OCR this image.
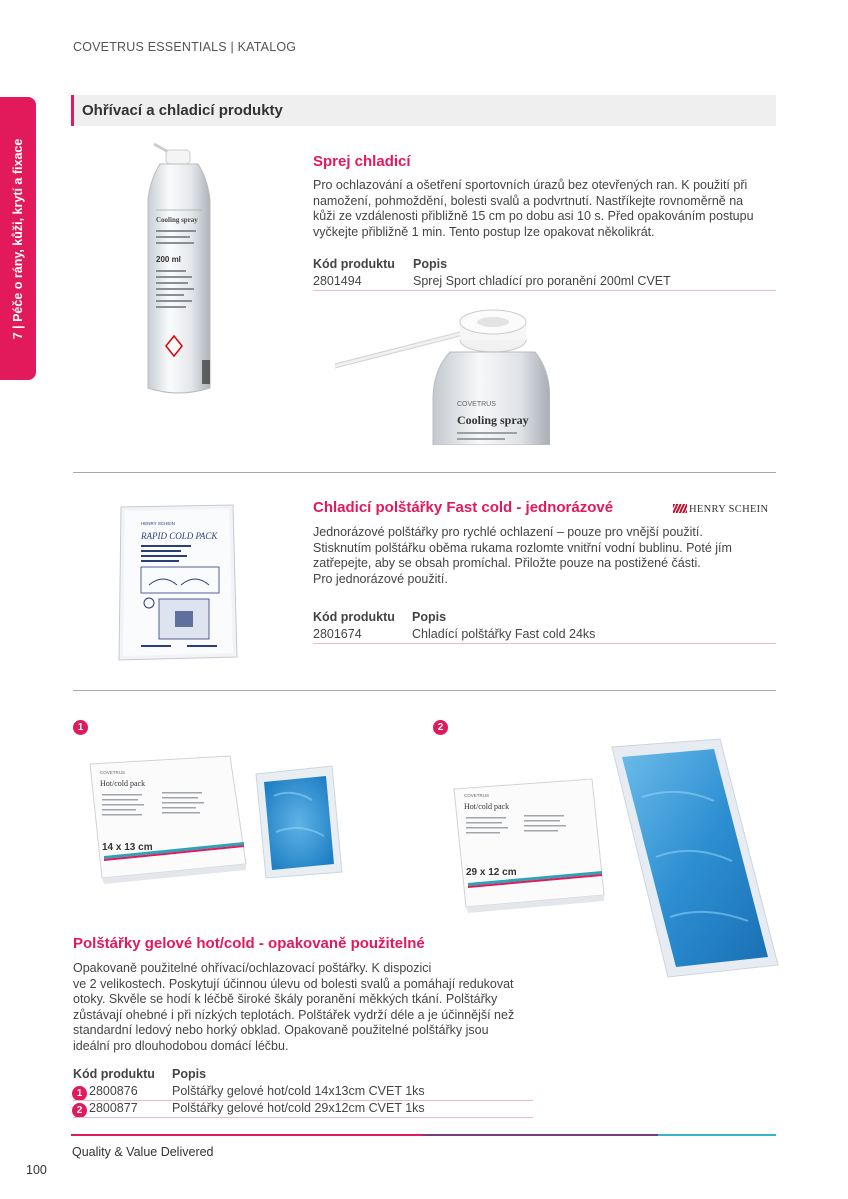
COVETRUS ESSENTIALS | KATALOG
7 | Péče o rány, kůži, krytí a fixace
Ohřívací a chladicí produkty
Cooling spray
200 ml
Sprej chladicí
Pro ochlazování a ošetření sportovních úrazů bez otevřených ran. K použití při
namožení, pohmoždění, bolesti svalů a podvrtnutí. Nastříkejte rovnoměrně na
kůži ze vzdálenosti přibližně 15 cm po dobu asi 10 s. Před opakováním postupu
vyčkejte přibližně 1 min. Tento postup lze opakovat několikrát.
Kód produktu Popis
2801494	Sprej Sport chladící pro poranění 200ml CVET
COVETRUS
Cooling spray
HENRY SCHEIN
RAPID COLD PACK
Chladicí polštářky Fast cold - jednorázové	HENRY SCHEIN
Jednorázové polštářky pro rychlé ochlazení – pouze pro vnější použití.
Stisknutím polštářku oběma rukama rozlomte vnitřní vodní bublinu. Poté jím
zatřepejte, aby se obsah promíchal. Přiložte pouze na postižené části.
Pro jednorázové použití.
Kód produktu Popis
2801674	Chladící polštářky Fast cold 24ks
1	2
COVETRUS
Hot/cold pack
14 x 13 cm
COVETRUS
Hot/cold pack
29 x 12 cm
Polštářky gelové hot/cold - opakovaně použitelné
Opakovaně použitelné ohřívací/ochlazovací poštářky. K dispozici
ve 2 velikostech. Poskytují účinnou úlevu od bolesti svalů a pomáhají redukovat
otoky. Skvěle se hodí k léčbě široké škály poranění měkkých tkání. Polštářky
zůstávají ohebné i při nízkých teplotách. Polštářek vydrží déle a je účinnější než
standardní ledový nebo horký obklad. Opakovaně použitelné polštářky jsou
ideální pro dlouhodobou domácí léčbu.
Kód produktu Popis
1 2800876	Polštářky gelové hot/cold 14x13cm CVET 1ks
2 2800877	Polštářky gelové hot/cold 29x12cm CVET 1ks
Quality & Value Delivered
100
